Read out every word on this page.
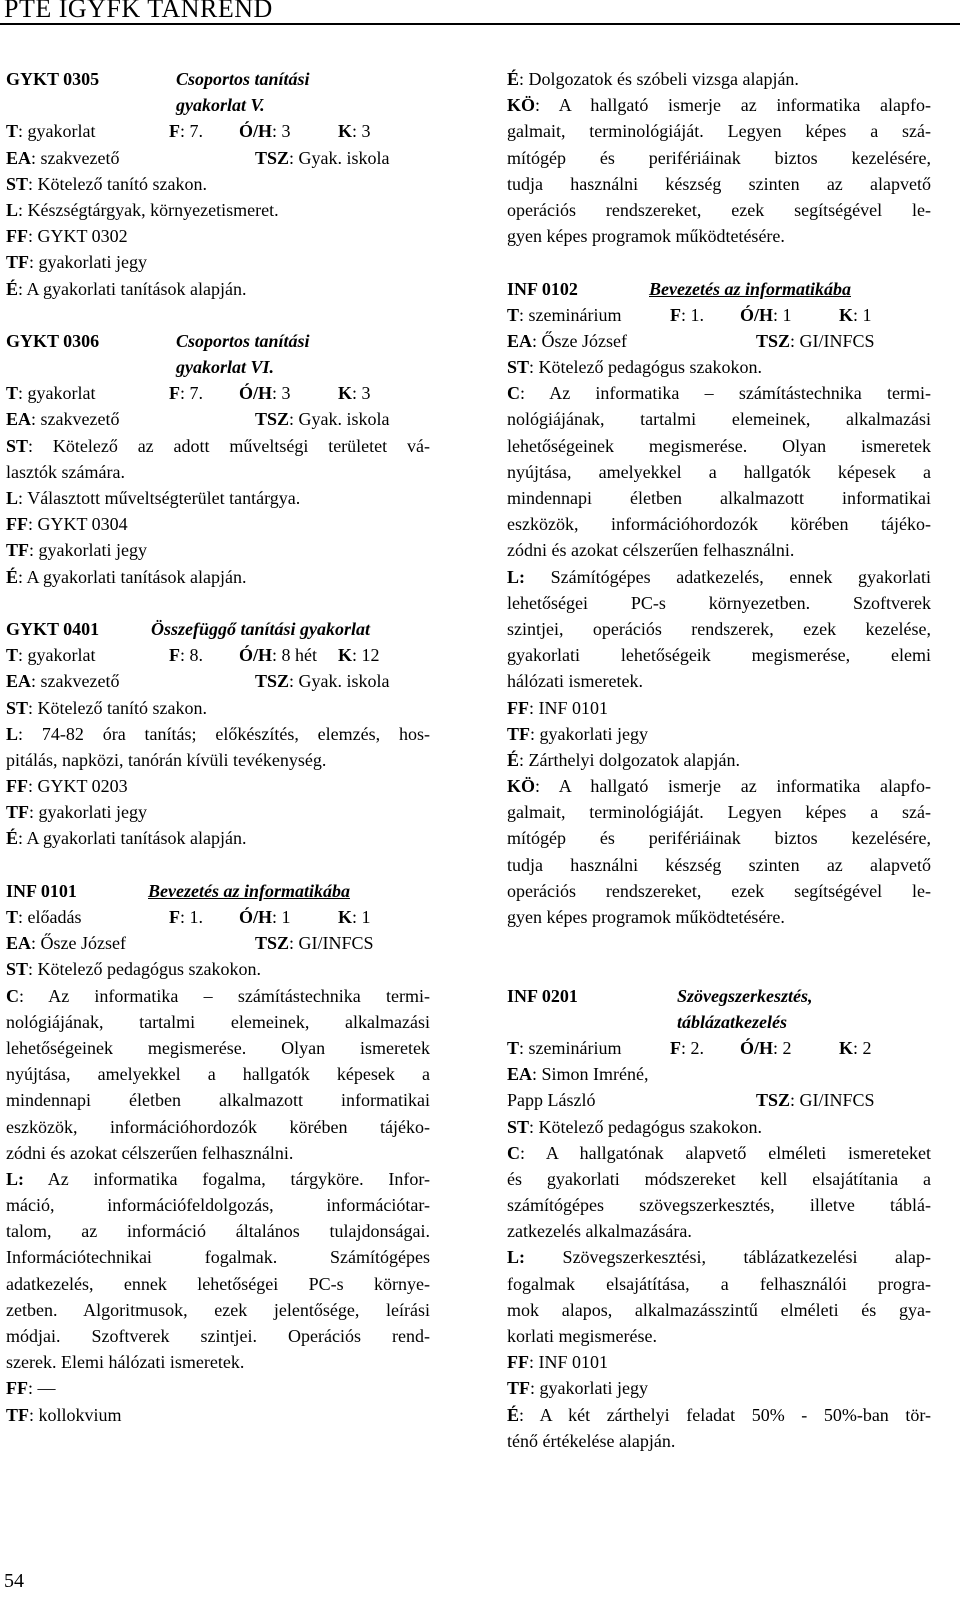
PTE IGYFK TANREND
GYKT 0305	Csoportos tanítási
gyakorlat V.
T: gyakorlat	F: 7. Ó/H: 3	K: 3
EA: szakvezető	TSZ: Gyak. iskola
ST : Kötelező tanító szakon.
L : Készségtárgyak, környezetismeret.
FF : GYKT 0302
TF : gyakorlati jegy
É : A gyakorlati tanítások alapján.
GYKT 0306	Csoportos tanítási
gyakorlat VI.
T: gyakorlat	F: 7. Ó/H: 3	K: 3
EA: szakvezető	TSZ: Gyak. iskola
ST: Kötelező az adott műveltségi területet vá-
lasztók számára.
L : Választott műveltségterület tantárgya.
FF : GYKT 0304
TF : gyakorlati jegy
É : A gyakorlati tanítások alapján.
GYKT 0401	Összefüggő tanítási gyakorlat
T: gyakorlat	F: 8. Ó/H: 8 hét K: 12
EA: szakvezető	TSZ: Gyak. iskola
ST : Kötelező tanító szakon.
L: 74-82 óra tanítás; előkészítés, elemzés, hos-
pitálás, napközi, tanórán kívüli tevékenység.
FF : GYKT 0203
TF : gyakorlati jegy
É : A gyakorlati tanítások alapján.
INF 0101	Bevezetés az informatikába
T: előadás	F: 1. Ó/H: 1	K: 1
EA: Ősze József	TSZ: GI/INFCS
ST : Kötelező pedagógus szakokon.
C: Az informatika – számítástechnika termi-
nológiájának, tartalmi elemeinek, alkalmazási
lehetőségeinek megismerése. Olyan ismeretek
nyújtása, amelyekkel a hallgatók képesek a
mindennapi életben alkalmazott informatikai
eszközök, információhordozók körében tájéko-
zódni és azokat célszerűen felhasználni.
L: Az informatika fogalma, tárgyköre. Infor-
máció, információfeldolgozás, információtar-
talom, az információ általános tulajdonságai.
Információtechnikai fogalmak. Számítógépes
adatkezelés, ennek lehetőségei PC-s környe-
zetben. Algoritmusok, ezek jelentősége, leírási
módjai. Szoftverek szintjei. Operációs rend-
szerek. Elemi hálózati ismeretek.
FF : —
TF : kollokvium
É : Dolgozatok és szóbeli vizsga alapján.
KÖ: A hallgató ismerje az informatika alapfo-
galmait, terminológiáját. Legyen képes a szá-
mítógép és perifériáinak biztos kezelésére,
tudja használni készség szinten az alapvető
operációs rendszereket, ezek segítségével le-
gyen képes programok működtetésére.
INF 0102	Bevezetés az informatikába
T: szeminárium	F: 1. Ó/H: 1	K: 1
EA: Ősze József	TSZ: GI/INFCS
ST : Kötelező pedagógus szakokon.
C: Az informatika – számítástechnika termi-
nológiájának, tartalmi elemeinek, alkalmazási
lehetőségeinek megismerése. Olyan ismeretek
nyújtása, amelyekkel a hallgatók képesek a
mindennapi életben alkalmazott informatikai
eszközök, információhordozók körében tájéko-
zódni és azokat célszerűen felhasználni.
L: Számítógépes adatkezelés, ennek gyakorlati
lehetőségei PC-s környezetben. Szoftverek
szintjei, operációs rendszerek, ezek kezelése,
gyakorlati lehetőségeik megismerése, elemi
hálózati ismeretek.
FF : INF 0101
TF : gyakorlati jegy
É : Zárthelyi dolgozatok alapján.
KÖ: A hallgató ismerje az informatika alapfo-
galmait, terminológiáját. Legyen képes a szá-
mítógép és perifériáinak biztos kezelésére,
tudja használni készség szinten az alapvető
operációs rendszereket, ezek segítségével le-
gyen képes programok működtetésére.
INF 0201	Szövegszerkesztés,
táblázatkezelés
T: szeminárium	F: 2. Ó/H: 2	K: 2
EA : Simon Imréné,
Papp László	TSZ: GI/INFCS
ST : Kötelező pedagógus szakokon.
C: A hallgatónak alapvető elméleti ismereteket
és gyakorlati módszereket kell elsajátítania a
számítógépes szövegszerkesztés, illetve táblá-
zatkezelés alkalmazására.
L: Szövegszerkesztési, táblázatkezelési alap-
fogalmak elsajátítása, a felhasználói progra-
mok alapos, alkalmazásszintű elméleti és gya-
korlati megismerése.
FF : INF 0101
TF : gyakorlati jegy
É: A két zárthelyi feladat 50% - 50%-ban tör-
ténő értékelése alapján.
54
